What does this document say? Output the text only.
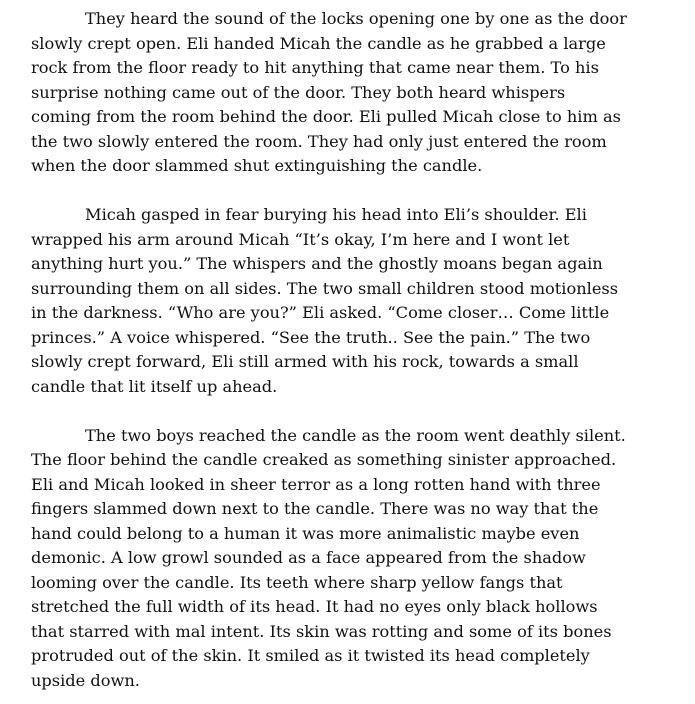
They heard the sound of the locks opening one by one as the door
slowly crept open. Eli handed Micah the candle as he grabbed a large
rock from the floor ready to hit anything that came near them. To his
surprise nothing came out of the door. They both heard whispers
coming from the room behind the door. Eli pulled Micah close to him as
the two slowly entered the room. They had only just entered the room
when the door slammed shut extinguishing the candle.
Micah gasped in fear burying his head into Eli’s shoulder. Eli
wrapped his arm around Micah “It’s okay, I’m here and I wont let
anything hurt you.” The whispers and the ghostly moans began again
surrounding them on all sides. The two small children stood motionless
in the darkness. “Who are you?” Eli asked. “Come closer… Come little
princes.” A voice whispered. “See the truth.. See the pain.” The two
slowly crept forward, Eli still armed with his rock, towards a small
candle that lit itself up ahead.
The two boys reached the candle as the room went deathly silent.
The floor behind the candle creaked as something sinister approached.
Eli and Micah looked in sheer terror as a long rotten hand with three
fingers slammed down next to the candle. There was no way that the
hand could belong to a human it was more animalistic maybe even
demonic. A low growl sounded as a face appeared from the shadow
looming over the candle. Its teeth where sharp yellow fangs that
stretched the full width of its head. It had no eyes only black hollows
that starred with mal intent. Its skin was rotting and some of its bones
protruded out of the skin. It smiled as it twisted its head completely
upside down.
